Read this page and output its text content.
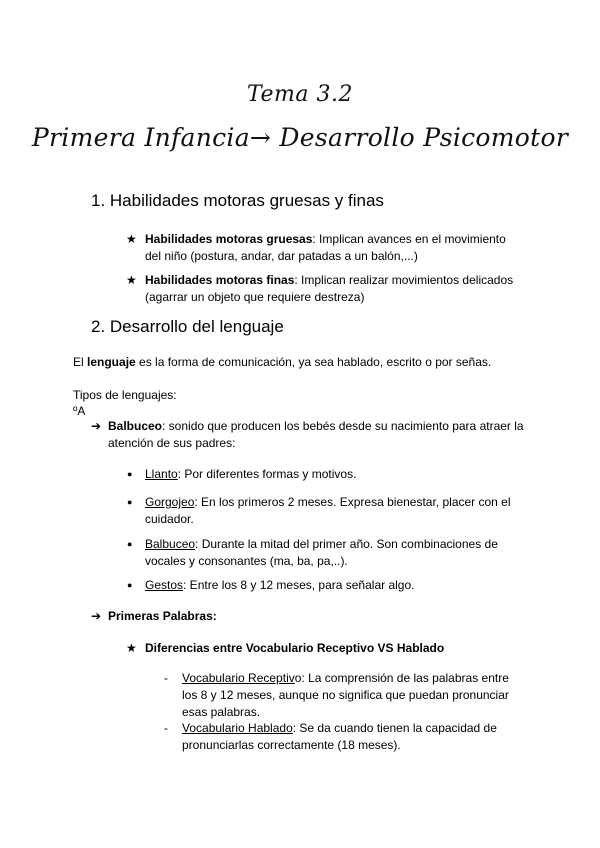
Tema 3.2
Primera Infancia→ Desarrollo Psicomotor
1. Habilidades motoras gruesas y finas
★ Habilidades motoras gruesas: Implican avances en el movimiento del niño (postura, andar, dar patadas a un balón,...)
★ Habilidades motoras finas: Implican realizar movimientos delicados (agarrar un objeto que requiere destreza)
2. Desarrollo del lenguaje
El lenguaje es la forma de comunicación, ya sea hablado, escrito o por señas.
Tipos de lenguajes:
ºA
➔ Balbuceo: sonido que producen los bebés desde su nacimiento para atraer la atención de sus padres:
● Llanto: Por diferentes formas y motivos.
● Gorgojeo: En los primeros 2 meses. Expresa bienestar, placer con el cuidador.
● Balbuceo: Durante la mitad del primer año. Son combinaciones de vocales y consonantes (ma, ba, pa,..).
● Gestos: Entre los 8 y 12 meses, para señalar algo.
➔ Primeras Palabras:
★ Diferencias entre Vocabulario Receptivo VS Hablado
- Vocabulario Receptivo: La comprensión de las palabras entre los 8 y 12 meses, aunque no significa que puedan pronunciar esas palabras.
- Vocabulario Hablado: Se da cuando tienen la capacidad de pronunciarlas correctamente (18 meses).
